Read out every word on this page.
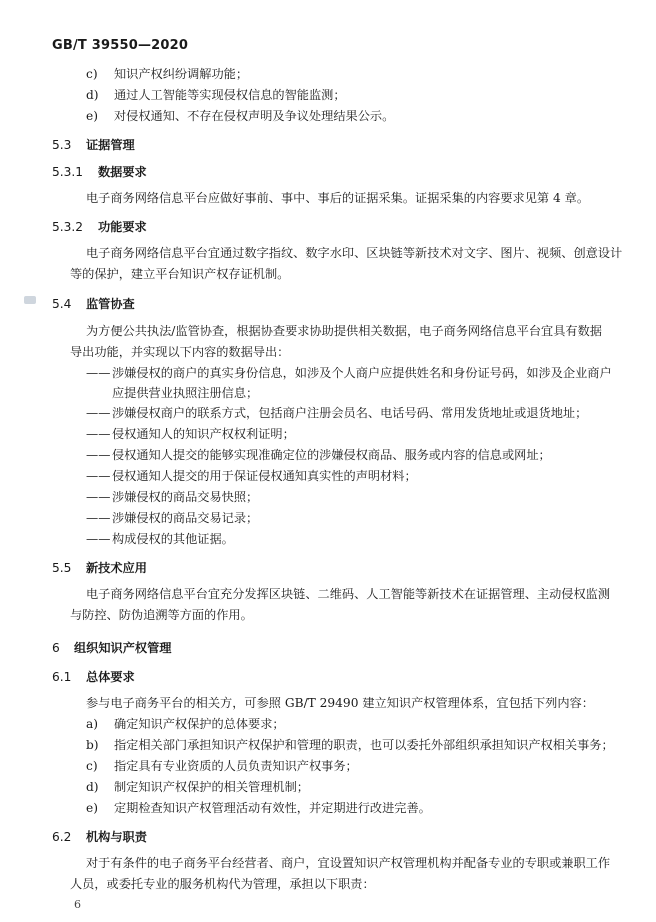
GB/T 39550—2020
c) 知识产权纠纷调解功能；
d) 通过人工智能等实现侵权信息的智能监测；
e) 对侵权通知、不存在侵权声明及争议处理结果公示。
5.3 证据管理
5.3.1 数据要求
电子商务网络信息平台应做好事前、事中、事后的证据采集。证据采集的内容要求见第 4 章。
5.3.2 功能要求
电子商务网络信息平台宜通过数字指纹、数字水印、区块链等新技术对文字、图片、视频、创意设计
等的保护，建立平台知识产权存证机制。
5.4 监管协查
为方便公共执法/监管协查，根据协查要求协助提供相关数据，电子商务网络信息平台宜具有数据
导出功能，并实现以下内容的数据导出：
—— 涉嫌侵权的商户的真实身份信息，如涉及个人商户应提供姓名和身份证号码，如涉及企业商户
应提供营业执照注册信息；
—— 涉嫌侵权商户的联系方式，包括商户注册会员名、电话号码、常用发货地址或退货地址；
—— 侵权通知人的知识产权权利证明；
—— 侵权通知人提交的能够实现准确定位的涉嫌侵权商品、服务或内容的信息或网址；
—— 侵权通知人提交的用于保证侵权通知真实性的声明材料；
—— 涉嫌侵权的商品交易快照；
—— 涉嫌侵权的商品交易记录；
—— 构成侵权的其他证据。
5.5 新技术应用
电子商务网络信息平台宜充分发挥区块链、二维码、人工智能等新技术在证据管理、主动侵权监测
与防控、防伪追溯等方面的作用。
6 组织知识产权管理
6.1 总体要求
参与电子商务平台的相关方，可参照 GB/T 29490 建立知识产权管理体系，宜包括下列内容：
a) 确定知识产权保护的总体要求；
b) 指定相关部门承担知识产权保护和管理的职责，也可以委托外部组织承担知识产权相关事务；
c) 指定具有专业资质的人员负责知识产权事务；
d) 制定知识产权保护的相关管理机制；
e) 定期检查知识产权管理活动有效性，并定期进行改进完善。
6.2 机构与职责
对于有条件的电子商务平台经营者、商户，宜设置知识产权管理机构并配备专业的专职或兼职工作
人员，或委托专业的服务机构代为管理，承担以下职责：
6
